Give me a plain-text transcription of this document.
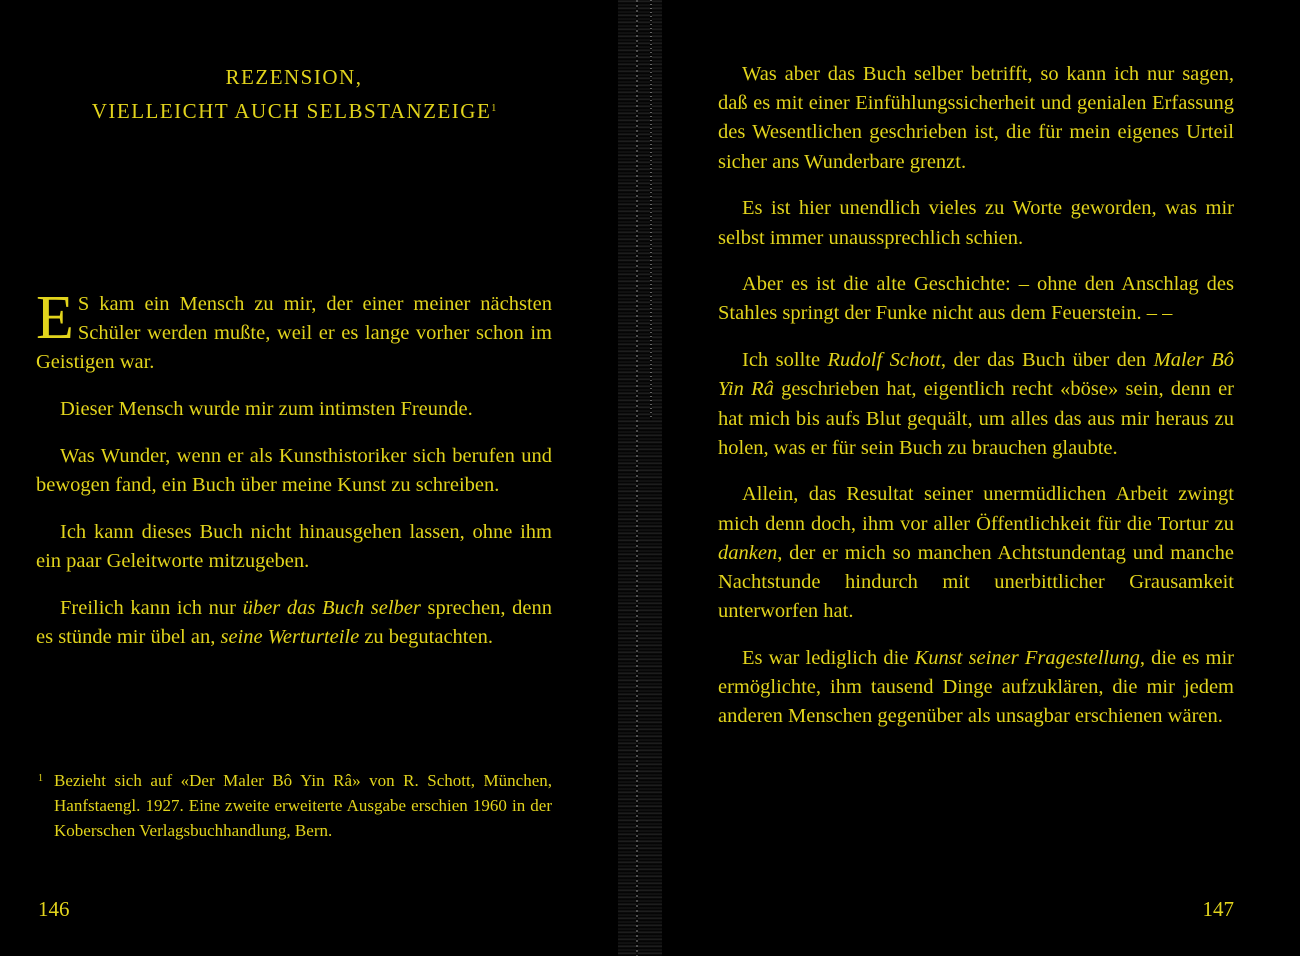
REZENSION,
VIELLEICHT AUCH SELBSTANZEIGE$^1$

E S kam ein Mensch zu mir, der einer meiner nächsten Schüler werden mußte, weil er es lange vorher schon im Geistigen war.

Dieser Mensch wurde mir zum intimsten Freunde.

Was Wunder, wenn er als Kunsthistoriker sich berufen und bewogen fand, ein Buch über meine Kunst zu schreiben.

Ich kann dieses Buch nicht hinausgehen lassen, ohne ihm ein paar Geleitworte mitzugeben.

Freilich kann ich nur über das Buch selber sprechen, denn es stünde mir übel an, seine Werturteile zu begutachten.

1 Bezieht sich auf «Der Maler Bô Yin Râ» von R. Schott, München, Hanfstaengl. 1927. Eine zweite erweiterte Ausgabe erschien 1960 in der Koberschen Verlagsbuchhandlung, Bern.
146

Was aber das Buch selber betrifft, so kann ich nur sagen, daß es mit einer Einfühlungssicherheit und genialen Erfassung des Wesentlichen geschrieben ist, die für mein eigenes Urteil sicher ans Wunderbare grenzt.

Es ist hier unendlich vieles zu Worte geworden, was mir selbst immer unaussprechlich schien.

Aber es ist die alte Geschichte: – ohne den Anschlag des Stahles springt der Funke nicht aus dem Feuerstein. – –

Ich sollte Rudolf Schott, der das Buch über den Maler Bô Yin Râ geschrieben hat, eigentlich recht «böse» sein, denn er hat mich bis aufs Blut gequält, um alles das aus mir heraus zu holen, was er für sein Buch zu brauchen glaubte.

Allein, das Resultat seiner unermüdlichen Arbeit zwingt mich denn doch, ihm vor aller Öffentlichkeit für die Tortur zu danken, der er mich so manchen Achtstundentag und manche Nachtstunde hindurch mit unerbittlicher Grausamkeit unterworfen hat.

Es war lediglich die Kunst seiner Fragestellung, die es mir ermöglichte, ihm tausend Dinge aufzuklären, die mir jedem anderen Menschen gegenüber als unsagbar erschienen wären.

147
